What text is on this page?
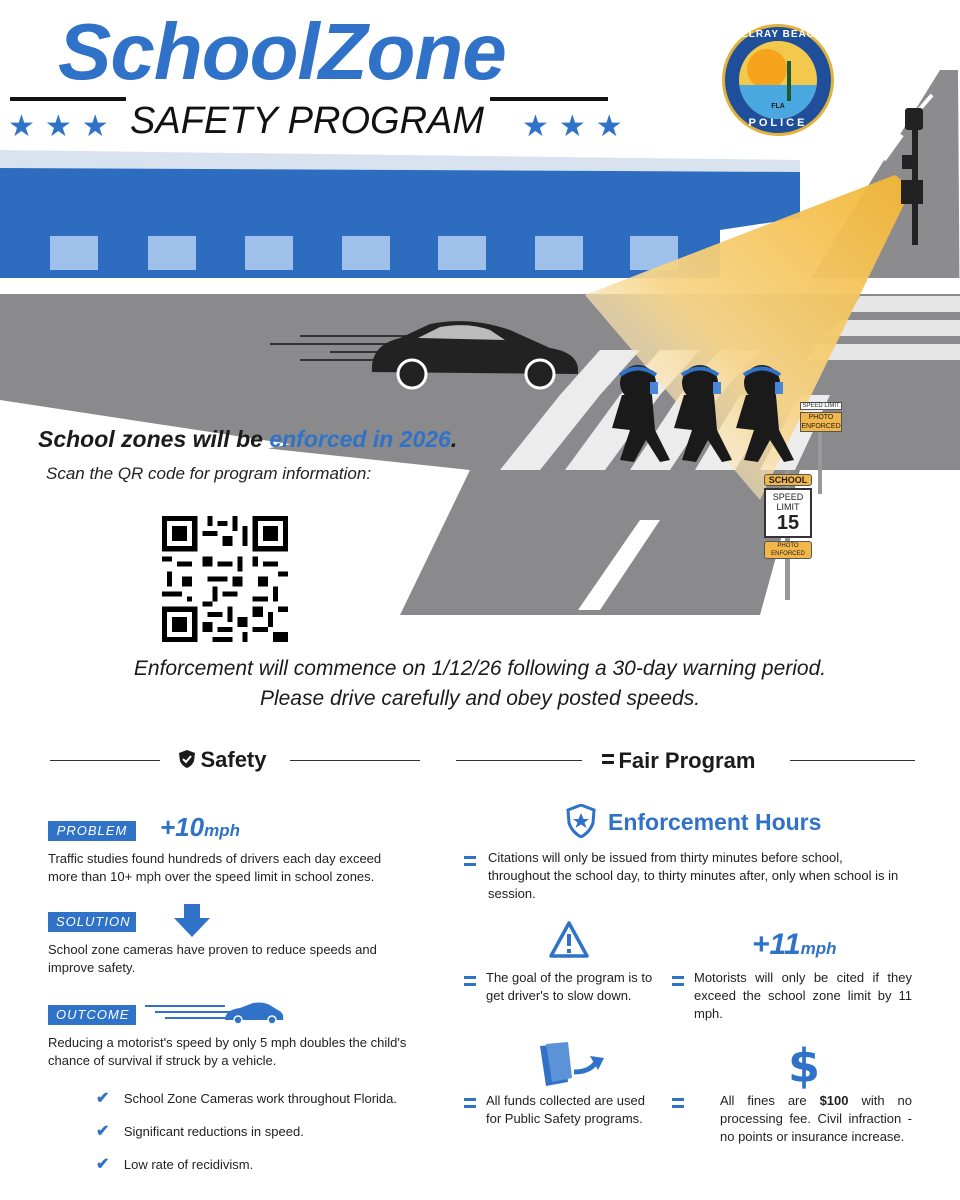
SchoolZone
SAFETY PROGRAM
★★★	★★★
FLA
DELRAY BEACH
POLICE
SPEED LIMIT
PHOTO ENFORCED
SCHOOL
SPEED
LIMIT
15
PHOTO ENFORCED
School zones will be enforced in 2026.
Scan the QR code for program information:
Enforcement will commence on 1/12/26 following a 30-day warning period.
Please drive carefully and obey posted speeds.
Safety
PROBLEM	+10mph
Traffic studies found hundreds of drivers each day exceed more than 10+ mph over the speed limit in school zones.
SOLUTION
School zone cameras have proven to reduce speeds and improve safety.
OUTCOME
Reducing a motorist's speed by only 5 mph doubles the child's chance of survival if struck by a vehicle.
✔ School Zone Cameras work throughout Florida.
✔ Significant reductions in speed.
✔ Low rate of recidivism.
Fair Program
Enforcement Hours
Citations will only be issued from thirty minutes before school, throughout the school day, to thirty minutes after, only when school is in session.
The goal of the program is to get driver's to slow down.
+11mph
Motorists will only be cited if they exceed the school zone limit by 11 mph.
All funds collected are used for Public Safety programs.
$
All fines are $100 with no processing fee. Civil infraction - no points or insurance increase.
